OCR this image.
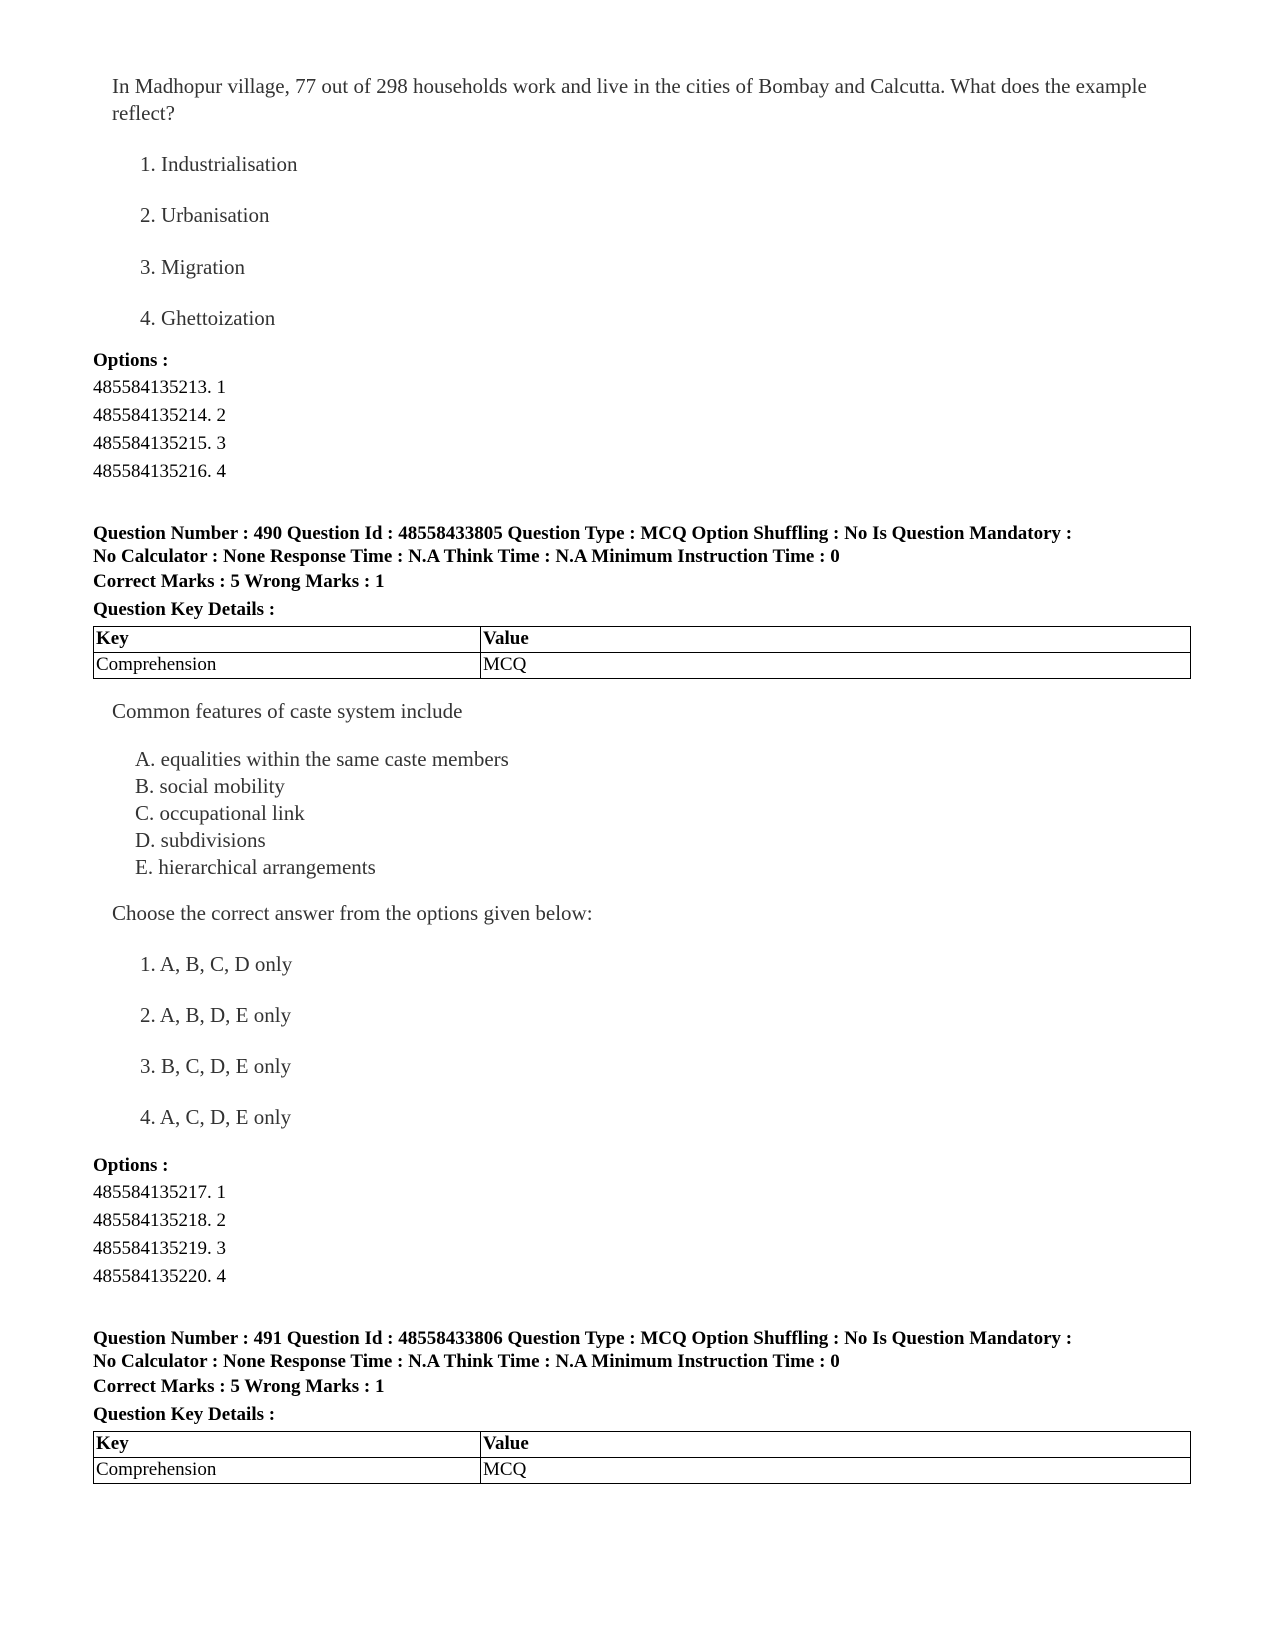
In Madhopur village, 77 out of 298 households work and live in the cities of Bombay and Calcutta. What does the example reflect?
1. Industrialisation
2. Urbanisation
3. Migration
4. Ghettoization
Options :
485584135213. 1
485584135214. 2
485584135215. 3
485584135216. 4
Question Number : 490 Question Id : 48558433805 Question Type : MCQ Option Shuffling : No Is Question Mandatory :
No Calculator : None Response Time : N.A Think Time : N.A Minimum Instruction Time : 0
Correct Marks : 5 Wrong Marks : 1
Question Key Details :
Key	Value
Comprehension	MCQ
Common features of caste system include
A. equalities within the same caste members
B. social mobility
C. occupational link
D. subdivisions
E. hierarchical arrangements
Choose the correct answer from the options given below:
1. A, B, C, D only
2. A, B, D, E only
3. B, C, D, E only
4. A, C, D, E only
Options :
485584135217. 1
485584135218. 2
485584135219. 3
485584135220. 4
Question Number : 491 Question Id : 48558433806 Question Type : MCQ Option Shuffling : No Is Question Mandatory :
No Calculator : None Response Time : N.A Think Time : N.A Minimum Instruction Time : 0
Correct Marks : 5 Wrong Marks : 1
Question Key Details :
Key	Value
Comprehension	MCQ
